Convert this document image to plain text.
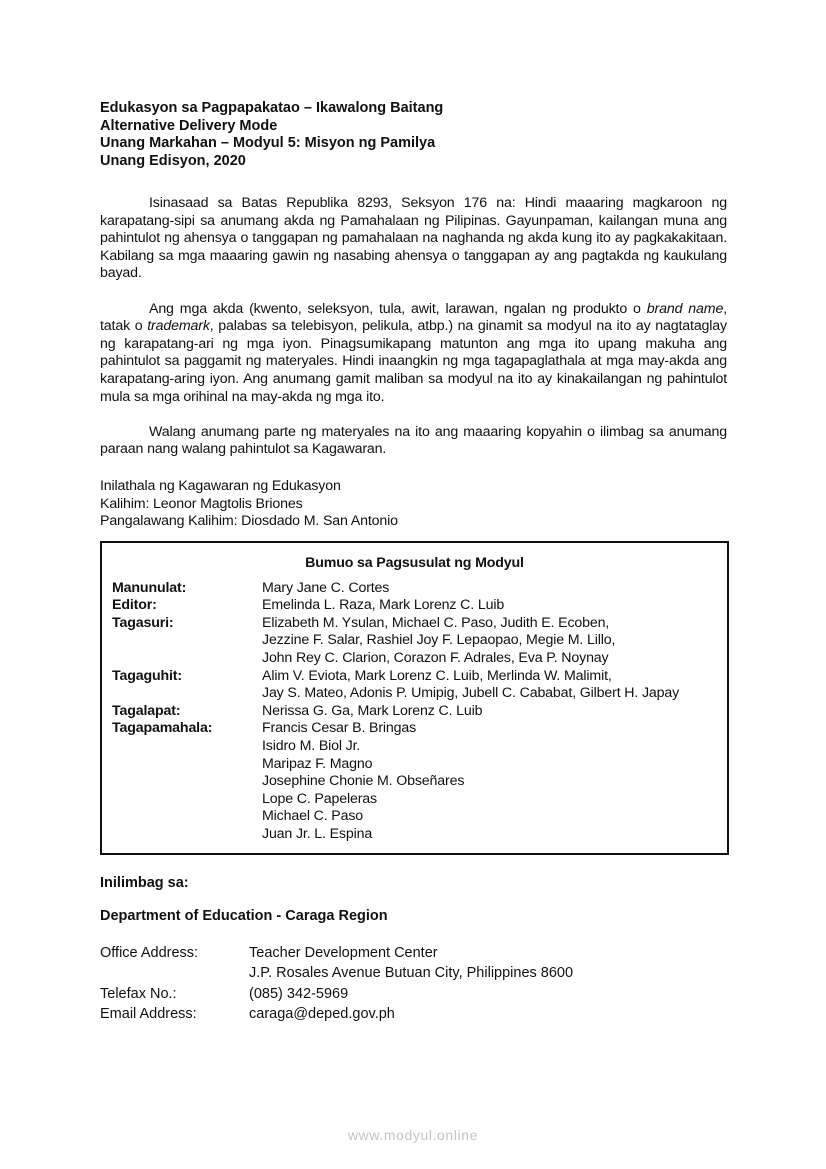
Edukasyon sa Pagpapakatao – Ikawalong Baitang
Alternative Delivery Mode
Unang Markahan – Modyul 5: Misyon ng Pamilya
Unang Edisyon, 2020

Isinasaad sa Batas Republika 8293, Seksyon 176 na: Hindi maaaring magkaroon ng karapatang-sipi sa anumang akda ng Pamahalaan ng Pilipinas. Gayunpaman, kailangan muna ang pahintulot ng ahensya o tanggapan ng pamahalaan na naghanda ng akda kung ito ay pagkakakitaan. Kabilang sa mga maaaring gawin ng nasabing ahensya o tanggapan ay ang pagtakda ng kaukulang bayad.

Ang mga akda (kwento, seleksyon, tula, awit, larawan, ngalan ng produkto o brand name, tatak o trademark, palabas sa telebisyon, pelikula, atbp.) na ginamit sa modyul na ito ay nagtataglay ng karapatang-ari ng mga iyon. Pinagsumikapang matunton ang mga ito upang makuha ang pahintulot sa paggamit ng materyales. Hindi inaangkin ng mga tagapaglathala at mga may-akda ang karapatang-aring iyon. Ang anumang gamit maliban sa modyul na ito ay kinakailangan ng pahintulot mula sa mga orihinal na may-akda ng mga ito.

Walang anumang parte ng materyales na ito ang maaaring kopyahin o ilimbag sa anumang paraan nang walang pahintulot sa Kagawaran.

Inilathala ng Kagawaran ng Edukasyon
Kalihim: Leonor Magtolis Briones
Pangalawang Kalihim: Diosdado M. San Antonio
Bumuo sa Pagsusulat ng Modyul
Manunulat:	Mary Jane C. Cortes
Editor:	Emelinda L. Raza, Mark Lorenz C. Luib
Tagasuri:	Elizabeth M. Ysulan, Michael C. Paso, Judith E. Ecoben,
Jezzine F. Salar, Rashiel Joy F. Lepaopao, Megie M. Lillo,
John Rey C. Clarion, Corazon F. Adrales, Eva P. Noynay
Tagaguhit:	Alim V. Eviota, Mark Lorenz C. Luib, Merlinda W. Malimit,
Jay S. Mateo, Adonis P. Umipig, Jubell C. Cababat, Gilbert H. Japay
Tagalapat:	Nerissa G. Ga, Mark Lorenz C. Luib
Tagapamahala:	Francis Cesar B. Bringas
Isidro M. Biol Jr.
Maripaz F. Magno
Josephine Chonie M. Obseñares
Lope C. Papeleras
Michael C. Paso
Juan Jr. L. Espina
Inilimbag sa:
Department of Education - Caraga Region
Office Address:	Teacher Development Center
J.P. Rosales Avenue Butuan City, Philippines 8600
Telefax No.:	(085) 342-5969
Email Address:	caraga@deped.gov.ph
www.modyul.online
